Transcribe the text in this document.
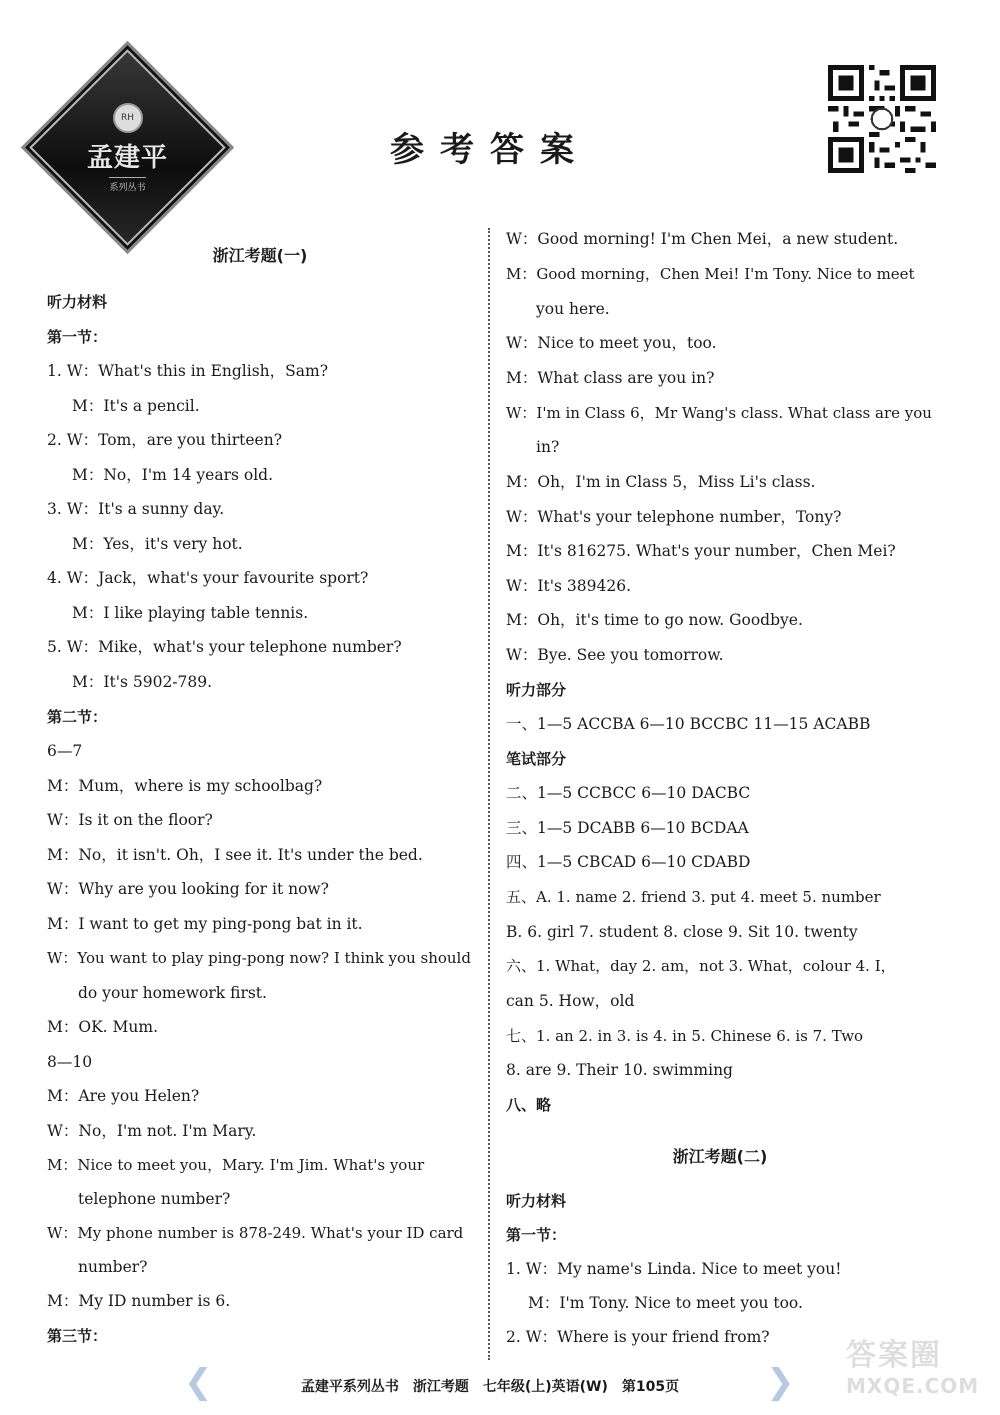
RH
孟建平
系列丛书
参考答案
浙江考题(一)
听力材料
第一节：
1. W：What's this in English，Sam?
M：It's a pencil.
2. W：Tom，are you thirteen?
M：No，I'm 14 years old.
3. W：It's a sunny day.
M：Yes，it's very hot.
4. W：Jack，what's your favourite sport?
M：I like playing table tennis.
5. W：Mike，what's your telephone number?
M：It's 5902-789.
第二节：
6—7
M：Mum，where is my schoolbag?
W：Is it on the floor?
M：No，it isn't. Oh，I see it. It's under the bed.
W：Why are you looking for it now?
M：I want to get my ping-pong bat in it.
W：You want to play ping-pong now? I think you should
do your homework first.
M：OK. Mum.
8—10
M：Are you Helen?
W：No，I'm not. I'm Mary.
M：Nice to meet you，Mary. I'm Jim. What's your
telephone number?
W：My phone number is 878-249. What's your ID card
number?
M：My ID number is 6.
第三节：
W：Good morning! I'm Chen Mei，a new student.
M：Good morning，Chen Mei! I'm Tony. Nice to meet
you here.
W：Nice to meet you，too.
M：What class are you in?
W：I'm in Class 6，Mr Wang's class. What class are you
in?
M：Oh，I'm in Class 5，Miss Li's class.
W：What's your telephone number，Tony?
M：It's 816275. What's your number，Chen Mei?
W：It's 389426.
M：Oh，it's time to go now. Goodbye.
W：Bye. See you tomorrow.
听力部分
一、1—5 ACCBA 6—10 BCCBC 11—15 ACABB
笔试部分
二、1—5 CCBCC 6—10 DACBC
三、1—5 DCABB 6—10 BCDAA
四、1—5 CBCAD 6—10 CDABD
五、A. 1. name 2. friend 3. put 4. meet 5. number
B. 6. girl 7. student 8. close 9. Sit 10. twenty
六、1. What，day 2. am，not 3. What，colour 4. I，
can 5. How，old
七、1. an 2. in 3. is 4. in 5. Chinese 6. is 7. Two
8. are 9. Their 10. swimming
八、略
浙江考题(二)
听力材料
第一节：
1. W：My name's Linda. Nice to meet you!
M：I'm Tony. Nice to meet you too.
2. W：Where is your friend from?
❮	孟建平系列丛书　浙江考题　七年级(上)英语(W)　第105页	❯
答案圈
MXQE.COM
